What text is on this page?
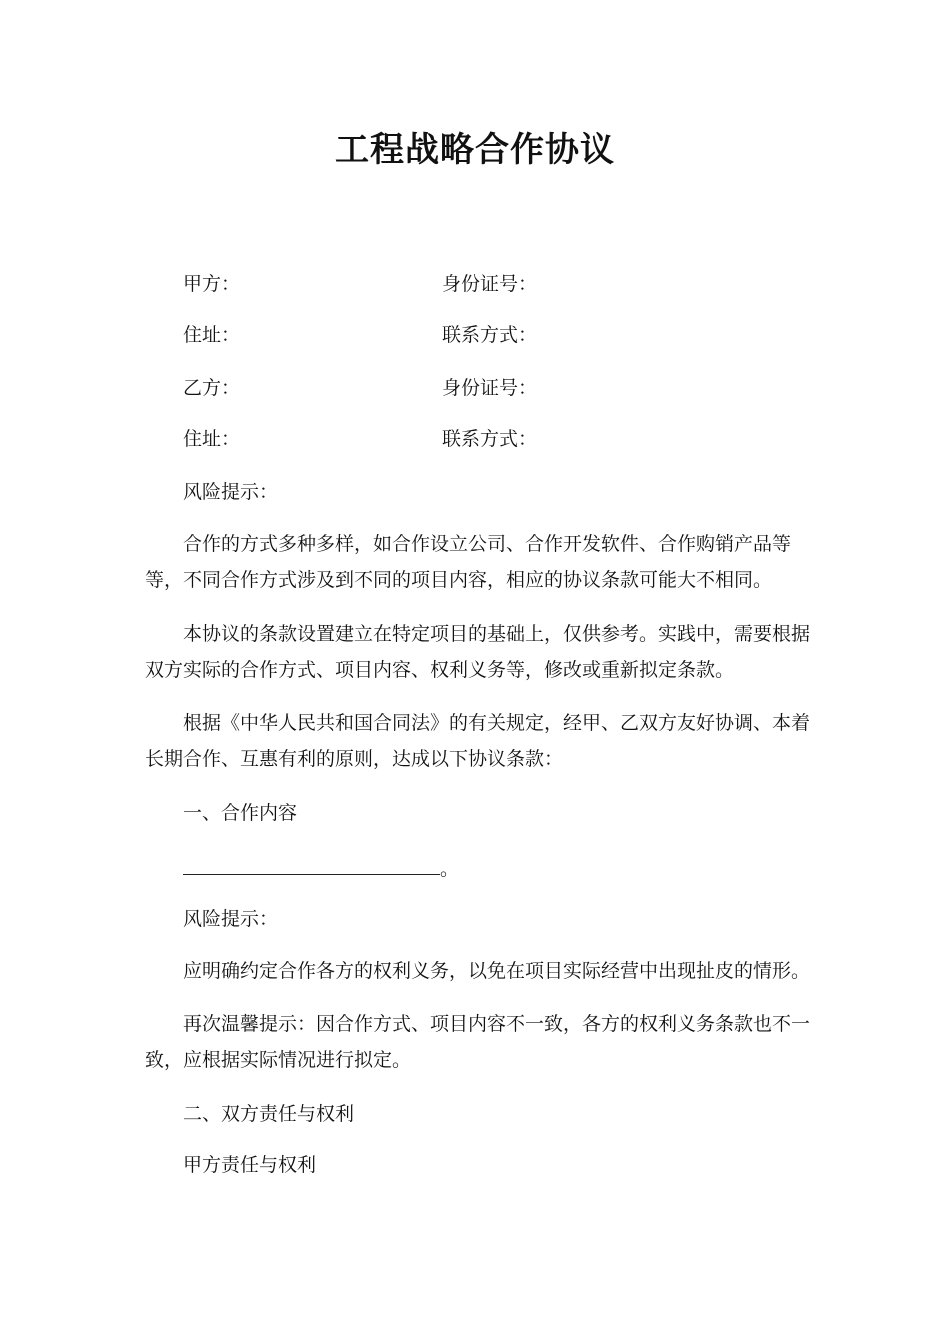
工程战略合作协议
甲方：	身份证号：
住址：	联系方式：
乙方：	身份证号：
住址：	联系方式：
风险提示：
合作的方式多种多样，如合作设立公司、合作开发软件、合作购销产品等等，不同合作方式涉及到不同的项目内容，相应的协议条款可能大不相同。
本协议的条款设置建立在特定项目的基础上，仅供参考。实践中，需要根据双方实际的合作方式、项目内容、权利义务等，修改或重新拟定条款。
根据《中华人民共和国合同法》的有关规定，经甲、乙双方友好协调、本着长期合作、互惠有利的原则，达成以下协议条款：
一、合作内容
。
风险提示：
应明确约定合作各方的权利义务，以免在项目实际经营中出现扯皮的情形。
再次温馨提示：因合作方式、项目内容不一致，各方的权利义务条款也不一致，应根据实际情况进行拟定。
二、双方责任与权利
甲方责任与权利
